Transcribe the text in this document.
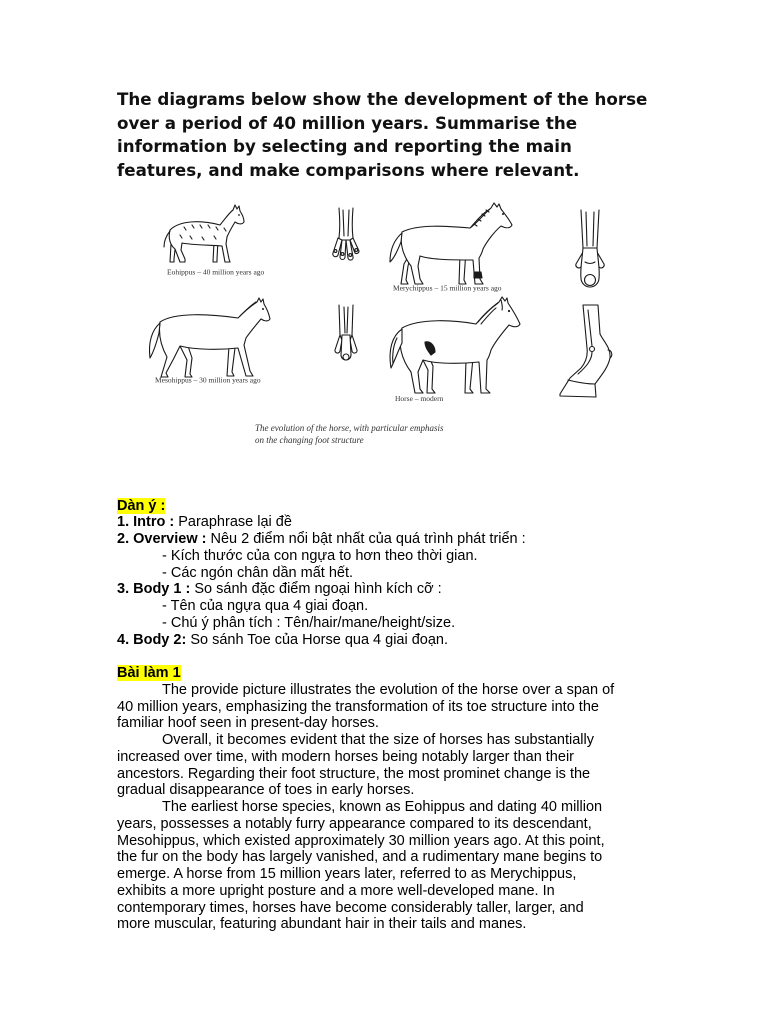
The diagrams below show the development of the horse
over a period of 40 million years. Summarise the
information by selecting and reporting the main
features, and make comparisons where relevant.
Eohippus – 40 million years ago
Merychippus – 15 million years ago
Mesohippus – 30 million years ago
Horse – modern
The evolution of the horse, with particular emphasis
on the changing foot structure
Dàn ý :
1. Intro : Paraphrase lại đề
2. Overview : Nêu 2 điểm nổi bật nhất của quá trình phát triển :
- Kích thước của con ngựa to hơn theo thời gian.
- Các ngón chân dần mất hết.
3. Body 1 : So sánh đặc điểm ngoại hình kích cỡ :
- Tên của ngựa qua 4 giai đoạn.
- Chú ý phân tích : Tên/hair/mane/height/size.
4. Body 2: So sánh Toe của Horse qua 4 giai đoạn.
Bài làm 1
The provide picture illustrates the evolution of the horse over a span of
40 million years, emphasizing the transformation of its toe structure into the
familiar hoof seen in present-day horses.
Overall, it becomes evident that the size of horses has substantially
increased over time, with modern horses being notably larger than their
ancestors. Regarding their foot structure, the most prominet change is the
gradual disappearance of toes in early horses.
The earliest horse species, known as Eohippus and dating 40 million
years, possesses a notably furry appearance compared to its descendant,
Mesohippus, which existed approximately 30 million years ago. At this point,
the fur on the body has largely vanished, and a rudimentary mane begins to
emerge. A horse from 15 million years later, referred to as Merychippus,
exhibits a more upright posture and a more well-developed mane. In
contemporary times, horses have become considerably taller, larger, and
more muscular, featuring abundant hair in their tails and manes.
